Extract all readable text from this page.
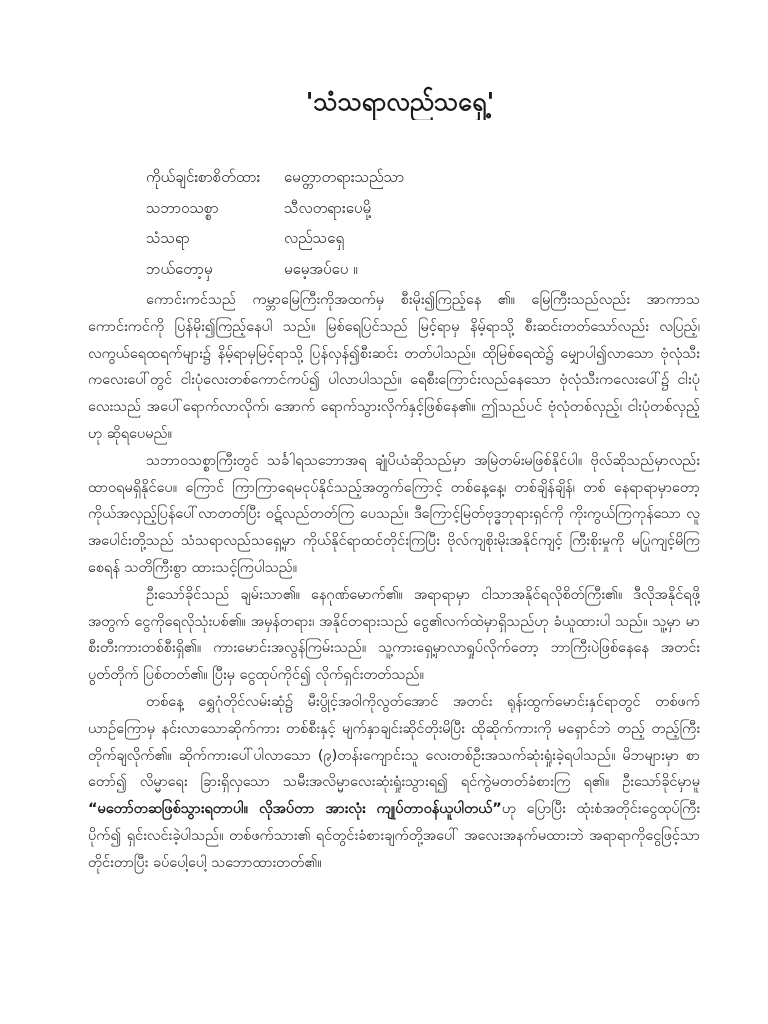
'သံသရာလည်သရှေ့'
ကိုယ်ချင်းစာစိတ်ထား	မေတ္တာတရားသည်သာ
သဘာဝသစ္စာ	သီလတရားပေမို့
သံသရာ	လည်သရှေ့
ဘယ်တော့မှ	မမေ့အပ်ပေ ။

ကောင်းကင်သည် ကမ္ဘာမြေကြီးကိုအထက်မှ စီးမိုး၍ကြည့်နေ ၏။ မြေကြီးသည်လည်း အာကာသကောင်းကင်ကို ပြန်မိုး၍ကြည့်နေပါ သည်။ မြစ်ရေပြင်သည် မြင့်ရာမှ နိမ့်ရာသို့ စီးဆင်းတတ်သော်လည်း လပြည့်၊ လကွယ်ရေထရက်များ၌ နိမ့်ရာမှမြင့်ရာသို့ ပြန်လှန်၍စီးဆင်း တတ်ပါသည်။ ထိုမြစ်ရေထဲ၌ မျှောပါ၍လာသော ဗုံလုံသီးကလေးပေါ်တွင် ငါးပုံလေးတစ်ကောင်ကပ်၍ ပါလာပါသည်။ ရေစီးကြောင်းလည်နေသော ဗုံလုံသီးကလေးပေါ်၌ ငါးပုံလေးသည် အပေါ်ရောက်လာလိုက်၊ အောက် ရောက်သွားလိုက်နှင့်ဖြစ်နေ၏။ ဤသည်ပင် ဗုံလုံတစ်လှည့်၊ ငါးပုံတစ်လှည့် ဟု ဆိုရပေမည်။

သဘာဝသစ္စာကြီးတွင် သင်္ခါရသဘောအရ ချုံပိယံဆိုသည်မှာ အမြဲတမ်းမဖြစ်နိုင်ပါ။ ဗိုလ်ဆိုသည်မှာလည်း ထာဝရမရှိနိုင်ပေ။ ကြောင် ကြာကြာရေမငုပ်နိုင်သည့်အတွက်ကြောင့် တစ်နေ့နေ့၊ တစ်ချိန်ချိန်၊ တစ် နေရာရာမှာတော့ ကိုယ်အလှည့်ပြန်ပေါ်လာတတ်ပြီး ဝဋ်လည်တတ်ကြ ပေသည်။ ဒီကြောင့်မြတ်ဗုဒ္ဓဘုရားရှင်ကို ကိုးကွယ်ကြကုန်သော လူ အပေါင်းတို့သည် သံသရာလည်သရှေ့မှာ ကိုယ်နိုင်ရာထင်တိုင်းကြပြီး ဗိုလ်ကျစိုးမိုးအနိုင်ကျင့် ကြီးစိုးမှုကို မပြုကျင့်မိကြစေရန် သတိကြီးစွာ ထားသင့်ကြပါသည်။

ဦးသော်ခိုင်သည် ချမ်းသာ၏။ နေဂုဏ်မောက်၏။ အရာရာမှာ ငါသာအနိုင်ရလိုစိတ်ကြီး၏။ ဒီလိုအနိုင်ရဖို့အတွက် ငွေကိုရေလိုသုံးပစ်၏။ အမှန်တရား၊ အနိုင်တရားသည် ငွေ၏လက်ထဲမှာရှိသည်ဟု ခံယူထားပါ သည်။ သူ့မှာ မာစီးတီးကားတစ်စီးရှိ၏။ ကားမောင်းအလွန်ကြမ်းသည်။ သူ့ကားရှေ့မှာလာရှုပ်လိုက်တော့ ဘာကြီးပဲဖြစ်နေနေ အတင်းပွတ်တိုက် ပြစ်တတ်၏။ ပြီးမှ ငွေထုပ်ကိုင်၍ လိုက်ရှင်းတတ်သည်။

တစ်နေ့ ရွှေဂုံတိုင်လမ်းဆုံ၌ မီးပွိုင့်အဝါကိုလွတ်အောင် အတင်း ရုန်းထွက်မောင်းနှင်ရာတွင် တစ်ဖက်ယာဉ်ကြောမှ နင်းလာသောဆိုက်ကား တစ်စီးနှင့် မျက်နှာချင်းဆိုင်တိုးမိပြီး ထိုဆိုက်ကားကို မရှောင်ဘဲ တည့် တည့်ကြီးတိုက်ချလိုက်၏။ ဆိုက်ကားပေါ်ပါလာသော (၉)တန်းကျောင်းသူ လေးတစ်ဦးအသက်ဆုံးရှုံးခဲ့ရပါသည်။ မိဘများမှာ စာတော်၍ လိမ္မာရေး ခြားရှိလှသော သမီးအလိမ္မာလေးဆုံးရှုံးသွားရ၍ ရင်ကွဲမတတ်ခံစားကြ ရ၏။ ဦးသော်ခိုင်မှာမူ “မတော်တဆဖြစ်သွားရတာပါ။ လိုအပ်တာ အားလုံး ကျုပ်တာဝန်ယူပါတယ်”ဟု ပြောပြီး ထုံးစံအတိုင်းငွေထုပ်ကြီး ပိုက်၍ ရှင်းလင်းခဲ့ပါသည်။ တစ်ဖက်သား၏ ရင်တွင်းခံစားချက်တို့အပေါ် အလေးအနက်မထားဘဲ အရာရာကိုငွေဖြင့်သာ တိုင်းတာပြီး ခပ်ပေါ့ပေါ့ သဘောထားတတ်၏။
